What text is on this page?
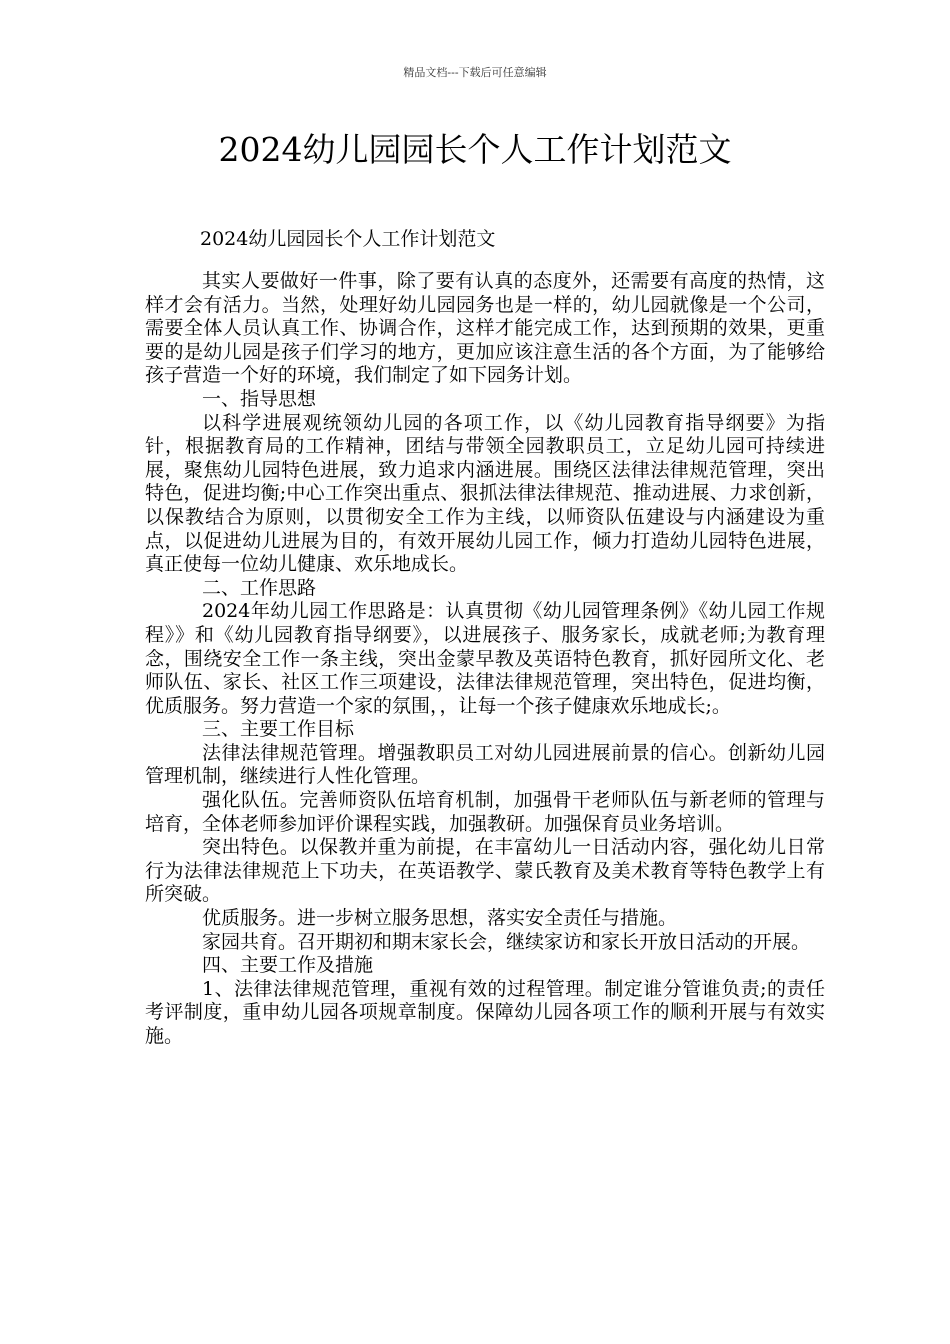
精品文档---下载后可任意编辑
2024幼儿园园长个人工作计划范文
2024幼儿园园长个人工作计划范文

其实人要做好一件事，除了要有认真的态度外，还需要有高度的热情，这样才会有活力。当然，处理好幼儿园园务也是一样的，幼儿园就像是一个公司，需要全体人员认真工作、协调合作，这样才能完成工作，达到预期的效果，更重要的是幼儿园是孩子们学习的地方，更加应该注意生活的各个方面，为了能够给孩子营造一个好的环境，我们制定了如下园务计划。

一、指导思想

以科学进展观统领幼儿园的各项工作，以《幼儿园教育指导纲要》为指针，根据教育局的工作精神，团结与带领全园教职员工，立足幼儿园可持续进展，聚焦幼儿园特色进展，致力追求内涵进展。围绕区法律法律规范管理，突出特色，促进均衡;中心工作突出重点、狠抓法律法律规范、推动进展、力求创新，以保教结合为原则，以贯彻安全工作为主线，以师资队伍建设与内涵建设为重点，以促进幼儿进展为目的，有效开展幼儿园工作，倾力打造幼儿园特色进展，真正使每一位幼儿健康、欢乐地成长。

二、工作思路

2024年幼儿园工作思路是：认真贯彻《幼儿园管理条例》《幼儿园工作规程》》和《幼儿园教育指导纲要》，以进展孩子、服务家长，成就老师;为教育理念，围绕安全工作一条主线，突出金蒙早教及英语特色教育，抓好园所文化、老师队伍、家长、社区工作三项建设，法律法律规范管理，突出特色，促进均衡，优质服务。努力营造一个家的氛围，，让每一个孩子健康欢乐地成长;。

三、主要工作目标

法律法律规范管理。增强教职员工对幼儿园进展前景的信心。创新幼儿园管理机制，继续进行人性化管理。

强化队伍。完善师资队伍培育机制，加强骨干老师队伍与新老师的管理与培育，全体老师参加评价课程实践，加强教研。加强保育员业务培训。

突出特色。以保教并重为前提，在丰富幼儿一日活动内容，强化幼儿日常行为法律法律规范上下功夫，在英语教学、蒙氏教育及美术教育等特色教学上有所突破。

优质服务。进一步树立服务思想，落实安全责任与措施。

家园共育。召开期初和期末家长会，继续家访和家长开放日活动的开展。

四、主要工作及措施

1、法律法律规范管理，重视有效的过程管理。制定谁分管谁负责;的责任考评制度，重申幼儿园各项规章制度。保障幼儿园各项工作的顺利开展与有效实施。
